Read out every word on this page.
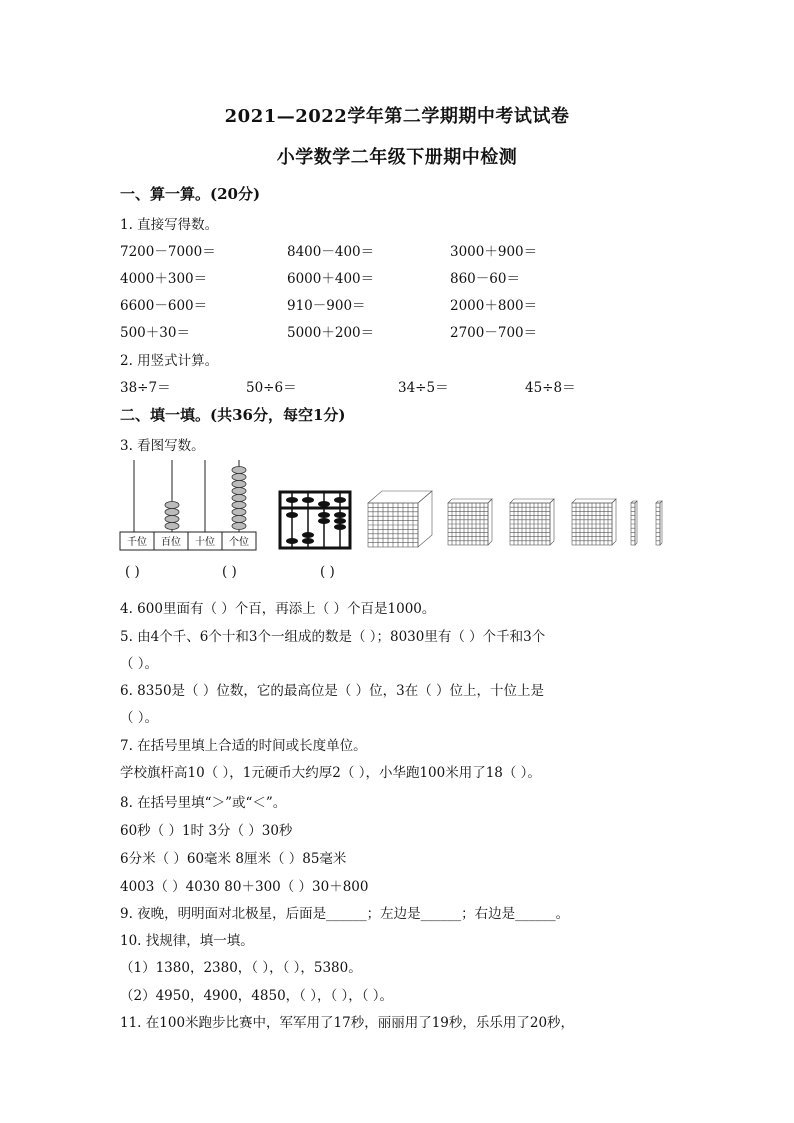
2021—2022学年第二学期期中考试试卷
小学数学二年级下册期中检测
一、算一算。(20分)
1. 直接写得数。
7200－7000＝	8400－400＝	3000＋900＝
4000＋300＝	6000＋400＝	860－60＝
6600－600＝	910－900＝	2000＋800＝
500＋30＝	5000＋200＝	2700－700＝
2. 用竖式计算。
38÷7＝	50÷6＝	34÷5＝	45÷8＝
二、填一填。(共36分，每空1分)
3. 看图写数。
千位 百位 十位 个位
( )	( )	( )
4. 600里面有（ ）个百，再添上（ ）个百是1000。
5. 由4个千、6个十和3个一组成的数是（ ）；8030里有（ ）个千和3个
（ ）。
6. 8350是（ ）位数，它的最高位是（ ）位，3在（ ）位上，十位上是
（ ）。
7. 在括号里填上合适的时间或长度单位。
学校旗杆高10（ ），1元硬币大约厚2（ ），小华跑100米用了18（ ）。
8. 在括号里填“＞”或“＜”。
60秒（ ）1时 3分（ ）30秒
6分米（ ）60毫米 8厘米（ ）85毫米
4003（ ）4030 80＋300（ ）30＋800
9. 夜晚，明明面对北极星，后面是______；左边是______；右边是______。
10. 找规律，填一填。
（1）1380，2380，（ ），（ ），5380。
（2）4950，4900，4850，（ ），（ ），（ ）。
11. 在100米跑步比赛中，军军用了17秒，丽丽用了19秒，乐乐用了20秒，
